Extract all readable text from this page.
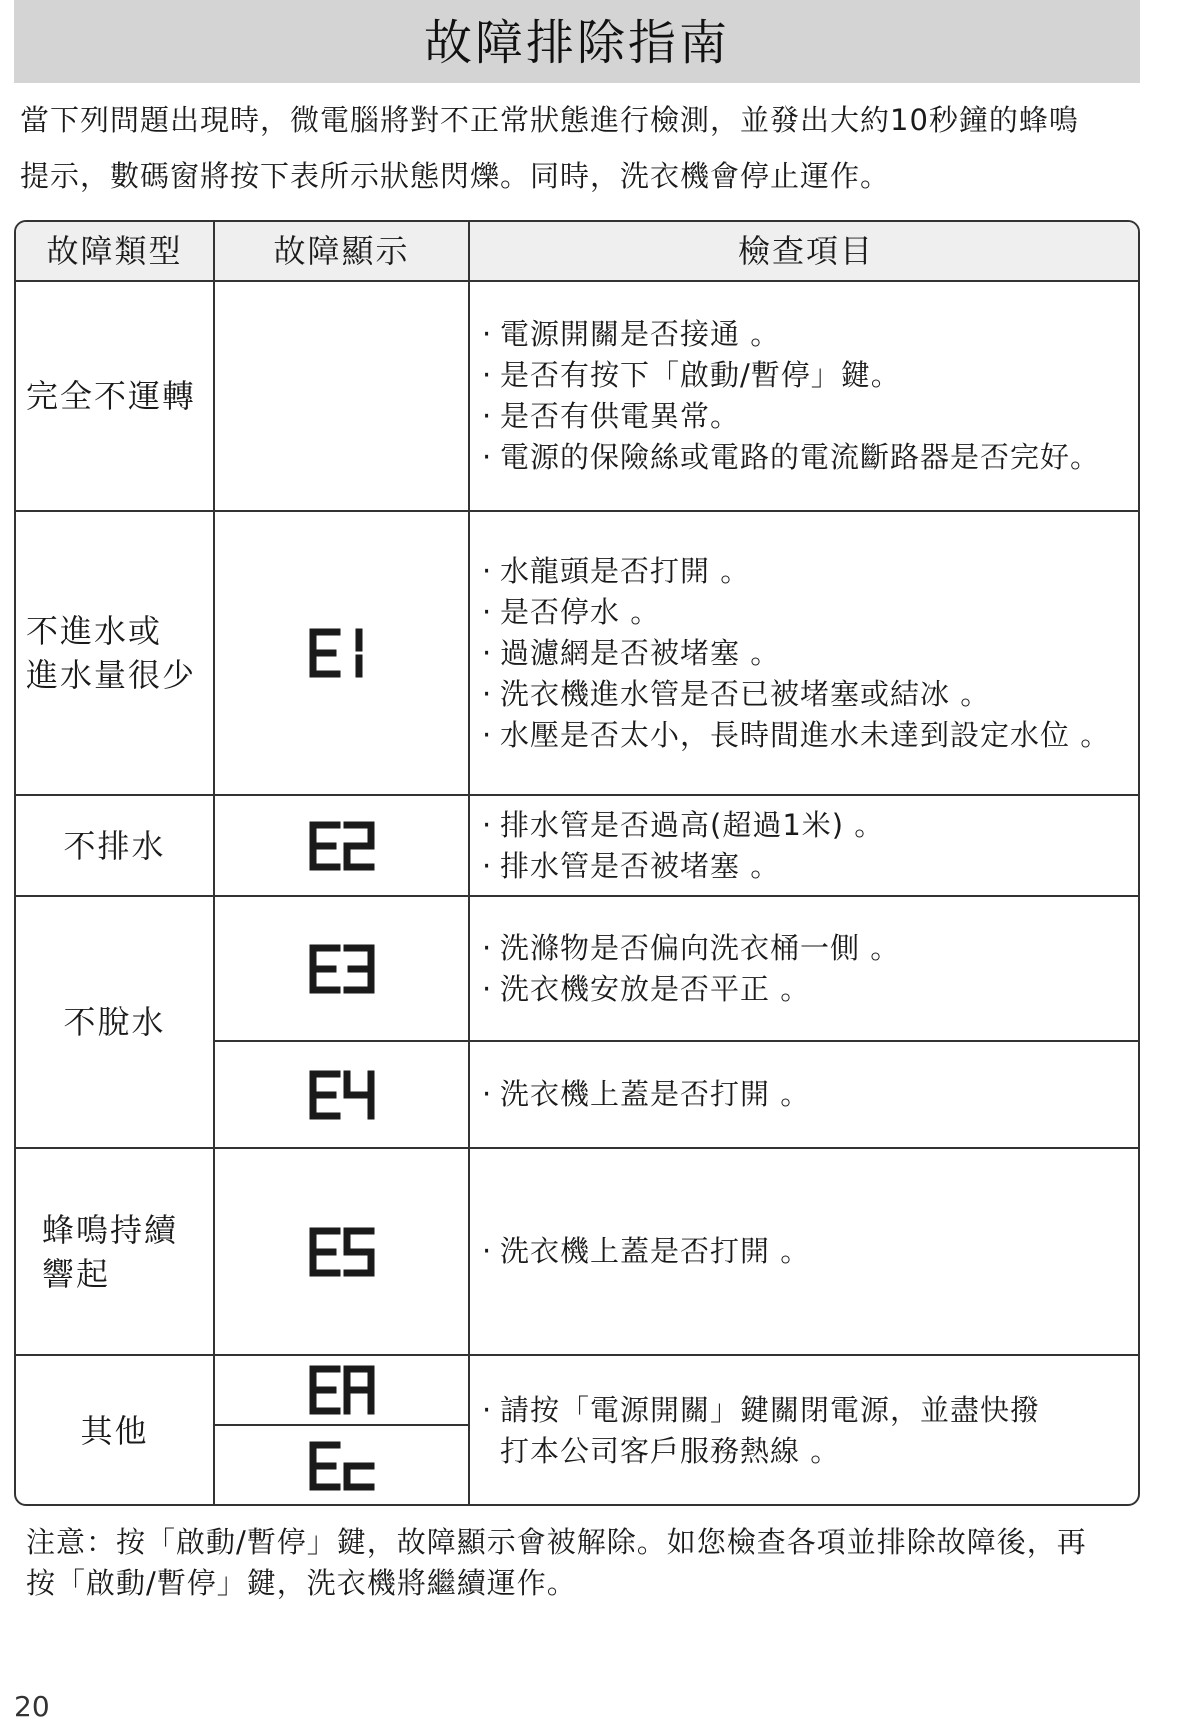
故障排除指南
當下列問題出現時，微電腦將對不正常狀態進行檢測，並發出大約10秒鐘的蜂鳴
提示，數碼窗將按下表所示狀態閃爍。同時，洗衣機會停止運作。
故障類型	故障顯示	檢查項目
完全不運轉
· 電源開關是否接通 。
· 是否有按下「啟動/暫停」鍵。
· 是否有供電異常。
· 電源的保險絲或電路的電流斷路器是否完好。
不進水或
進水量很少
· 水龍頭是否打開 。
· 是否停水 。
· 過濾網是否被堵塞 。
· 洗衣機進水管是否已被堵塞或結冰 。
· 水壓是否太小，長時間進水未達到設定水位 。
不排水
· 排水管是否過高(超過1米) 。
· 排水管是否被堵塞 。
不脫水
· 洗滌物是否偏向洗衣桶一側 。
· 洗衣機安放是否平正 。
· 洗衣機上蓋是否打開 。
蜂鳴持續
響起
· 洗衣機上蓋是否打開 。
其他
· 請按「電源開關」鍵關閉電源，並盡快撥
打本公司客戶服務熱線 。
注意：按「啟動/暫停」鍵，故障顯示會被解除。如您檢查各項並排除故障後，再
按「啟動/暫停」鍵，洗衣機將繼續運作。
20
